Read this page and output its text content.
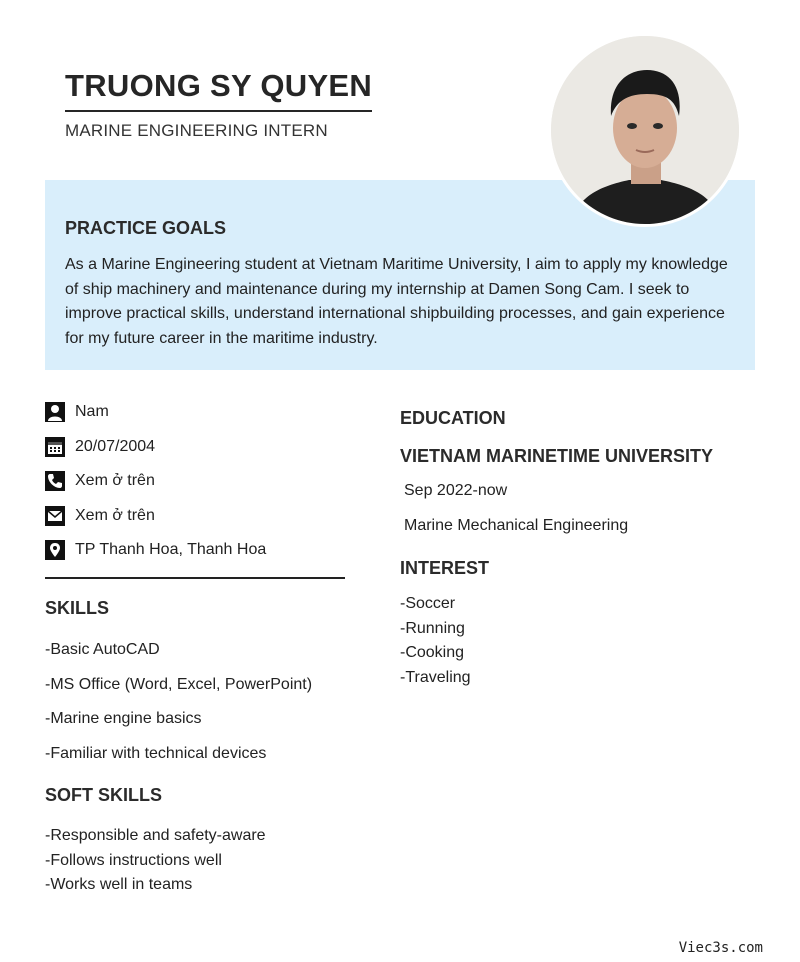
TRUONG SY QUYEN
MARINE ENGINEERING INTERN
PRACTICE GOALS
As a Marine Engineering student at Vietnam Maritime University, I aim to apply my knowledge of ship machinery and maintenance during my internship at Damen Song Cam. I seek to improve practical skills, understand international shipbuilding processes, and gain experience for my future career in the maritime industry.
Nam
20/07/2004
Xem ở trên
Xem ở trên
TP Thanh Hoa, Thanh Hoa
SKILLS
-Basic AutoCAD
-MS Office (Word, Excel, PowerPoint)
-Marine engine basics
-Familiar with technical devices
SOFT SKILLS
-Responsible and safety-aware
-Follows instructions well
-Works well in teams
EDUCATION
VIETNAM MARINETIME UNIVERSITY
Sep 2022-now
Marine Mechanical Engineering
INTEREST
-Soccer
-Running
-Cooking
-Traveling
Viec3s.com
